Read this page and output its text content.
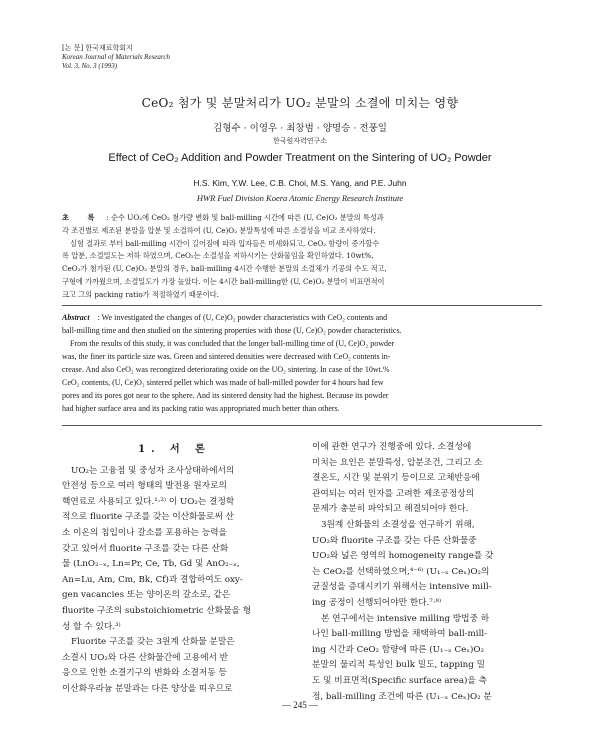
[논 문] 한국재료학회지
Korean Journal of Materials Research
Vol. 3, No. 3 (1993)
CeO₂ 첨가 및 분말처리가 UO₂ 분말의 소결에 미치는 영향
김형수 · 이영우 · 최창범 · 양명승 · 전풍일
한국원자력연구소
Effect of CeO₂ Addition and Powder Treatment on the Sintering of UO₂ Powder
H.S. Kim, Y.W. Lee, C.B. Choi, M.S. Yang, and P.E. Juhn
HWR Fuel Division Koera Atomic Energy Research Institute

초 록 : 순수 UO₂에 CeO₂ 첨가량 변화 및 ball-milling 시간에 따른 (U, Ce)O₂ 분말의 특성과

각 조건별로 제조된 분말을 압분 및 소결하여 (U, Ce)O₂ 분말특성에 따른 소결성을 비교 조사하였다.

실험 결과로 부터 ball-milling 시간이 길어짐에 따라 입자들은 미세화되고, CeO₂ 함량이 증가할수

록 압분, 소결밀도는 저하 하였으며, CeO₂는 소결성을 저하시키는 산화물임을 확인하였다. 10wt%,

CeO₂가 첨가된 (U, Ce)O₂ 분말의 경우, ball-milling 4시간 수행한 분말의 소결체가 기공의 수도 적고,

구형에 가까웠으며, 소결밀도가 가장 높았다. 이는 4시간 ball-milling한 (U, Ce)O₂ 분말이 비표면적이

크고 그의 packing ratio가 적절하였기 때문이다.

Abstract : We investigated the changes of (U, Ce)O₂ powder characteristics with CeO₂ contents and

ball-milling time and then studied on the sintering properties with those (U, Ce)O₂ powder characteristics.

From the results of this study, it was concluded that the longer ball-milling time of (U, Ce)O₂ powder

was, the finer its particle size was. Green and sintered densities were decreased with CeO₂ contents in-

crease. And also CeO₂ was recongized deteriorating oxide on the UO₂ sintering. In case of the 10wt.%

CeO₂ contents, (U, Ce)O₂ sintered pellet which was made of ball-milled powder for 4 hours had few

pores and its pores got near to the sphere. And its sintered density had the highest. Because its powder

had higher surface area and its packing ratio was appropriated much better than others.

1. 서 론

UO₂는 고융점 및 중성자 조사상태하에서의

안전성 등으로 여러 형태의 발전용 원자로의

핵연료로 사용되고 있다.¹·²⁾ 이 UO₂는 결정학

적으로 fluorite 구조를 갖는 이산화물로써 산

소 이온의 침입이나 갈소를 포용하는 능력을

갖고 있어서 fluorite 구조를 갖는 다른 산화

물 (LnO₂₋ₓ, Ln=Pr, Ce, Tb, Gd 및 AnO₂₋ₓ,

An=Lu, Am, Cm, Bk, Cf)과 결합하여도 oxy-

gen vacancies 또는 양이온의 갈소로, 같은

fluorite 구조의 substoichiometric 산화물을 형

성 할 수 있다.³⁾

Fluorite 구조를 갖는 3원계 산화물 분말은

소결시 UO₂와 다른 산화물간에 고용에서 반

응으로 인한 소결기구의 변화와 소결저동 등

이산화우라늄 분말과는 다른 양상을 띠우므로

이에 관한 연구가 진행중에 있다. 소결성에

미치는 요인은 분말특성, 압분조건, 그리고 소

결온도, 시간 및 분위기 등이므로 고체반응에

관여되는 여러 인자를 고려한 제조공정상의

문제가 충분히 파악되고 해결되어야 한다.

3원계 산화물의 소결성을 연구하기 위해,

UO₂와 fluorite 구조를 갖는 다른 산화물중

UO₂와 넓은 영역의 homogeneity range를 갖

는 CeO₂를 선택하였으며,⁴⁻⁶⁾ (U₁₋ₓ Ceₓ)O₂의

균질성을 증대시키기 위해서는 intensive mill-

ing 공정이 선행되어야만 한다.⁷·⁸⁾

본 연구에서는 intensive milling 방법중 하

나인 ball-milling 방법을 채택하여 ball-mill-

ing 시간과 CeO₂ 함량에 따른 (U₁₋ₓ Ceₓ)O₂

분말의 물리적 특성인 bulk 밀도, tapping 밀

도 및 비표면적(Specific surface area)을 측

정, ball-milling 조건에 따른 (U₁₋ₓ Ceₓ)O₂ 분

— 245 —
